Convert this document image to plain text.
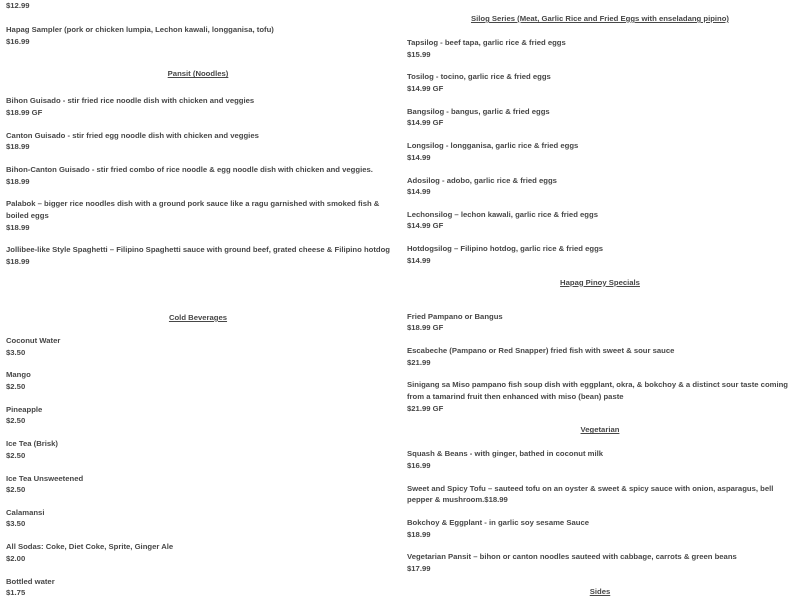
$12.99
Hapag Sampler (pork or chicken lumpia, Lechon kawali, longganisa, tofu)
$16.99
Pansit (Noodles)
Bihon Guisado - stir fried rice noodle dish with chicken and veggies
$18.99 GF
Canton Guisado - stir fried egg noodle dish with chicken and veggies
$18.99
Bihon-Canton Guisado - stir fried combo of rice noodle & egg noodle dish with chicken and veggies.
$18.99
Palabok – bigger rice noodles dish with a ground pork sauce like a ragu garnished with smoked fish & boiled eggs
$18.99
Jollibee-like Style Spaghetti – Filipino Spaghetti sauce with ground beef, grated cheese & Filipino hotdog
$18.99
Cold Beverages
Coconut Water
$3.50
Mango
$2.50
Pineapple
$2.50
Ice Tea (Brisk)
$2.50
Ice Tea Unsweetened
$2.50
Calamansi
$3.50
All Sodas: Coke, Diet Coke, Sprite, Ginger Ale
$2.00
Bottled water
$1.75
Silog Series (Meat, Garlic Rice and Fried Eggs with enseladang pipino)
Tapsilog - beef tapa, garlic rice & fried eggs
$15.99
Tosilog - tocino, garlic rice & fried eggs
$14.99 GF
Bangsilog - bangus, garlic & fried eggs
$14.99 GF
Longsilog - longganisa, garlic rice & fried eggs
$14.99
Adosilog - adobo, garlic rice & fried eggs
$14.99
Lechonsilog – lechon kawali, garlic rice & fried eggs
$14.99 GF
Hotdogsilog – Filipino hotdog, garlic rice & fried eggs
$14.99
Hapag Pinoy Specials
Fried Pampano or Bangus
$18.99 GF
Escabeche (Pampano or Red Snapper) fried fish with sweet & sour sauce
$21.99
Sinigang sa Miso pampano fish soup dish with eggplant, okra, & bokchoy & a distinct sour taste coming from a tamarind fruit then enhanced with miso (bean) paste
$21.99 GF
Vegetarian
Squash & Beans - with ginger, bathed in coconut milk
$16.99
Sweet and Spicy Tofu – sauteed tofu on an oyster & sweet & spicy sauce with onion, asparagus, bell pepper & mushroom.$18.99
Bokchoy & Eggplant - in garlic soy sesame Sauce
$18.99
Vegetarian Pansit – bihon or canton noodles sauteed with cabbage, carrots & green beans
$17.99
Sides
